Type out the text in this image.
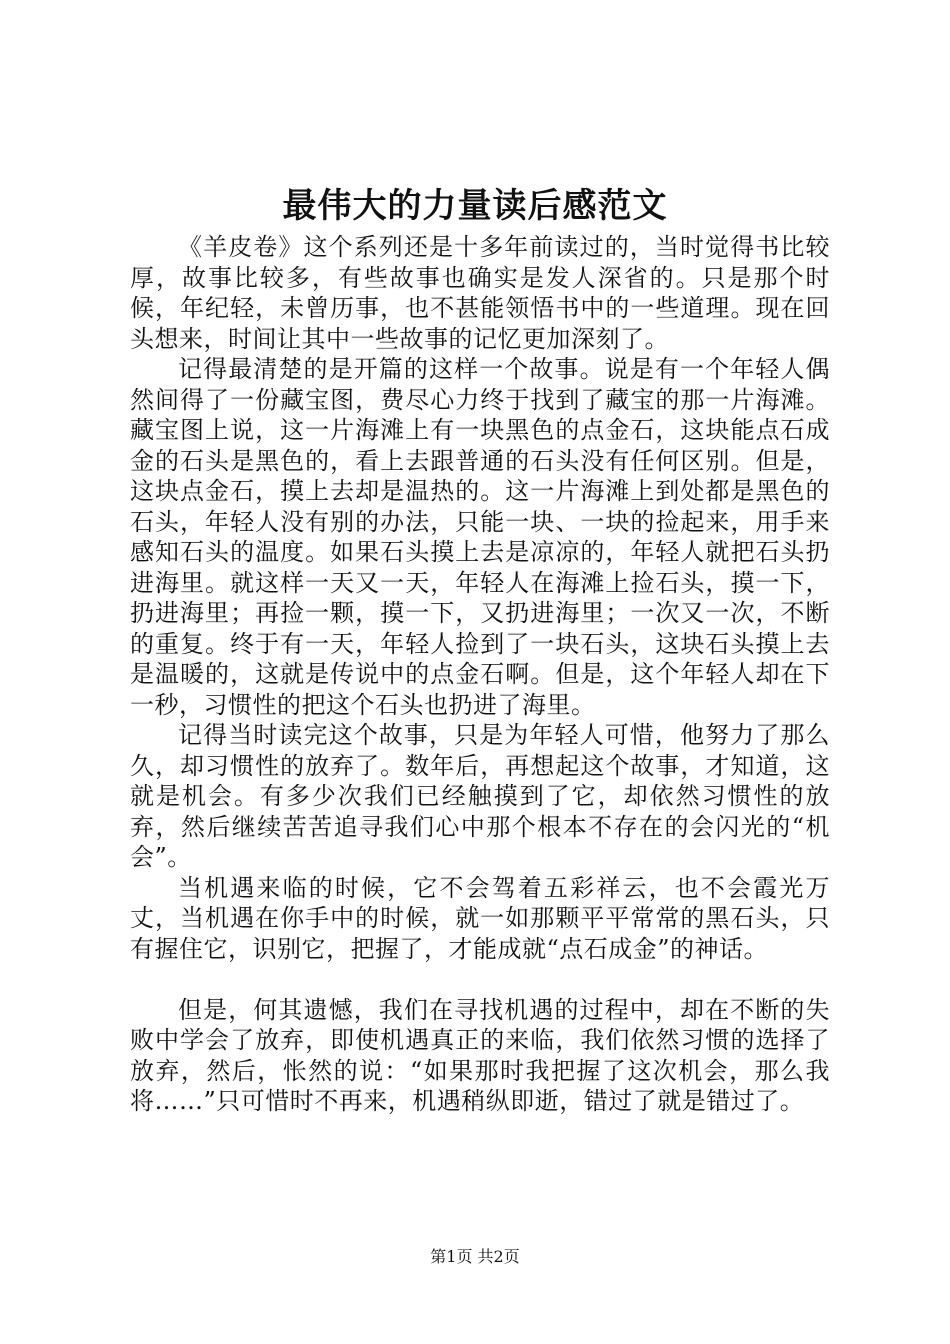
最伟大的力量读后感范文

《羊皮卷》这个系列还是十多年前读过的，当时觉得书比较厚，故事比较多，有些故事也确实是发人深省的。只是那个时候，年纪轻，未曾历事，也不甚能领悟书中的一些道理。现在回头想来，时间让其中一些故事的记忆更加深刻了。

记得最清楚的是开篇的这样一个故事。说是有一个年轻人偶然间得了一份藏宝图，费尽心力终于找到了藏宝的那一片海滩。藏宝图上说，这一片海滩上有一块黑色的点金石，这块能点石成金的石头是黑色的，看上去跟普通的石头没有任何区别。但是，这块点金石，摸上去却是温热的。这一片海滩上到处都是黑色的石头，年轻人没有别的办法，只能一块、一块的捡起来，用手来感知石头的温度。如果石头摸上去是凉凉的，年轻人就把石头扔进海里。就这样一天又一天，年轻人在海滩上捡石头，摸一下，扔进海里；再捡一颗，摸一下，又扔进海里；一次又一次，不断的重复。终于有一天，年轻人捡到了一块石头，这块石头摸上去是温暖的，这就是传说中的点金石啊。但是，这个年轻人却在下一秒，习惯性的把这个石头也扔进了海里。

记得当时读完这个故事，只是为年轻人可惜，他努力了那么久，却习惯性的放弃了。数年后，再想起这个故事，才知道，这就是机会。有多少次我们已经触摸到了它，却依然习惯性的放弃，然后继续苦苦追寻我们心中那个根本不存在的会闪光的“机会”。

当机遇来临的时候，它不会驾着五彩祥云，也不会霞光万丈，当机遇在你手中的时候，就一如那颗平平常常的黑石头，只有握住它，识别它，把握了，才能成就“点石成金”的神话。

但是，何其遗憾，我们在寻找机遇的过程中，却在不断的失败中学会了放弃，即使机遇真正的来临，我们依然习惯的选择了放弃，然后，怅然的说：“如果那时我把握了这次机会，那么我将……”只可惜时不再来，机遇稍纵即逝，错过了就是错过了。

第1页 共2页
